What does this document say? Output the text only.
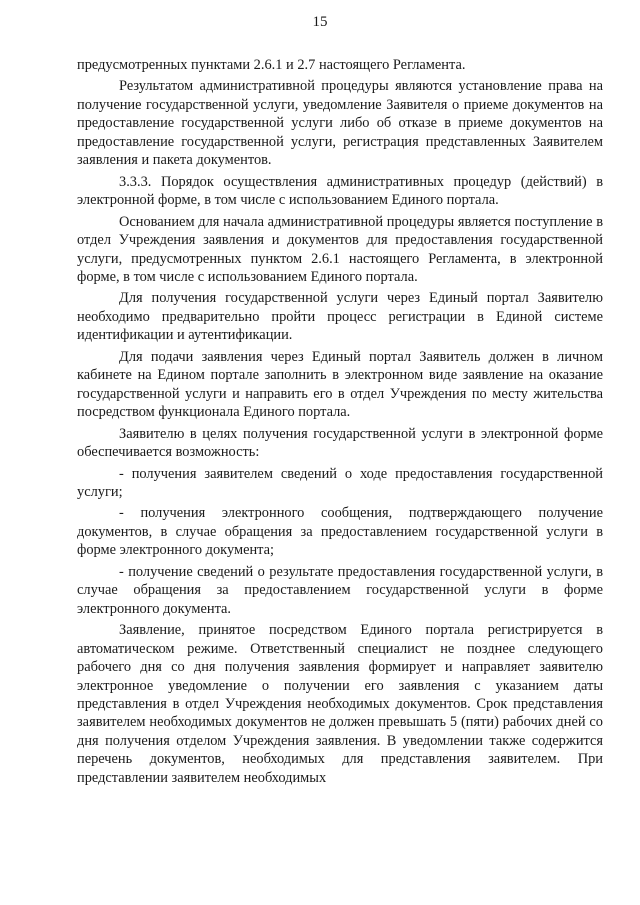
15

предусмотренных пунктами 2.6.1 и 2.7 настоящего Регламента.

Результатом административной процедуры являются установление права на получение государственной услуги, уведомление Заявителя о приеме документов на предоставление государственной услуги либо об отказе в приеме документов на предоставление государственной услуги, регистрация представленных Заявителем заявления и пакета документов.

3.3.3. Порядок осуществления административных процедур (действий) в электронной форме, в том числе с использованием Единого портала.

Основанием для начала административной процедуры является поступление в отдел Учреждения заявления и документов для предоставления государственной услуги, предусмотренных пунктом 2.6.1 настоящего Регламента, в электронной форме, в том числе с использованием Единого портала.

Для получения государственной услуги через Единый портал Заявителю необходимо предварительно пройти процесс регистрации в Единой системе идентификации и аутентификации.

Для подачи заявления через Единый портал Заявитель должен в личном кабинете на Едином портале заполнить в электронном виде заявление на оказание государственной услуги и направить его в отдел Учреждения по месту жительства посредством функционала Единого портала.

Заявителю в целях получения государственной услуги в электронной форме обеспечивается возможность:

- получения заявителем сведений о ходе предоставления государственной услуги;

- получения электронного сообщения, подтверждающего получение документов, в случае обращения за предоставлением государственной услуги в форме электронного документа;

- получение сведений о результате предоставления государственной услуги, в случае обращения за предоставлением государственной услуги в форме электронного документа.

Заявление, принятое посредством Единого портала регистрируется в автоматическом режиме. Ответственный специалист не позднее следующего рабочего дня со дня получения заявления формирует и направляет заявителю электронное уведомление о получении его заявления с указанием даты представления в отдел Учреждения необходимых документов. Срок представления заявителем необходимых документов не должен превышать 5 (пяти) рабочих дней со дня получения отделом Учреждения заявления. В уведомлении также содержится перечень документов, необходимых для представления заявителем. При представлении заявителем необходимых
